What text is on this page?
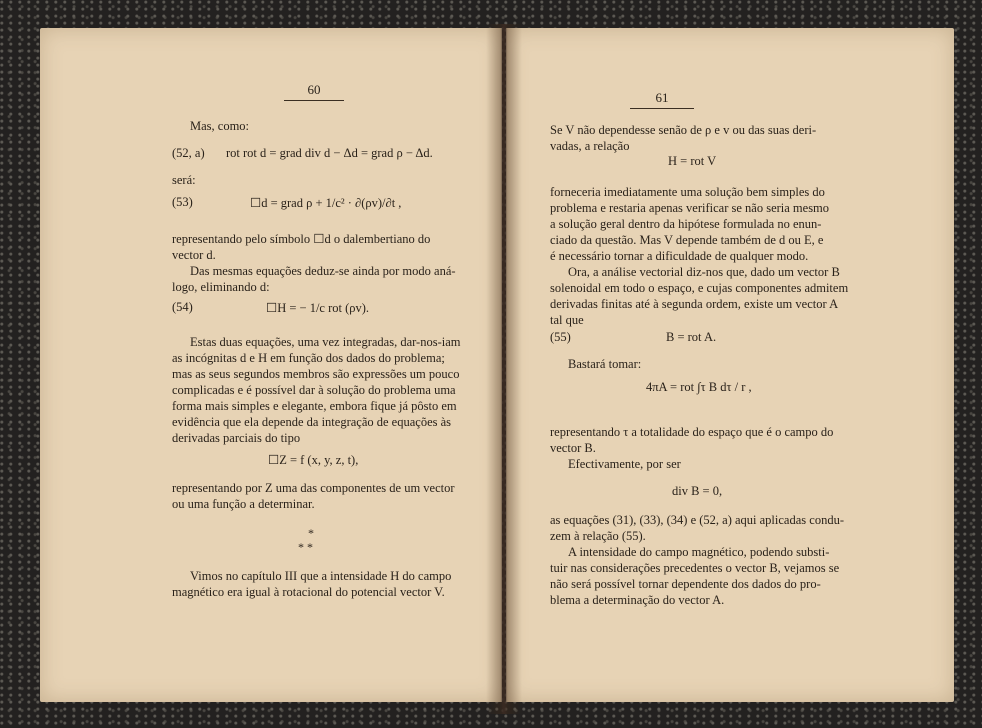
60
Mas, como:
(52, a) rot rot d = grad div d − Δd = grad ρ − Δd.
será:
(53)	☐d = grad ρ + 1/c² · ∂(ρv)/∂t ,
representando pelo símbolo ☐d o dalembertiano do
vector d.
Das mesmas equações deduz-se ainda por modo aná-
logo, eliminando d:
(54)	☐H = − 1/c rot (ρv).
Estas duas equações, uma vez integradas, dar-nos-iam
as incógnitas d e H em função dos dados do problema;
mas as seus segundos membros são expressões um pouco
complicadas e é possível dar à solução do problema uma
forma mais simples e elegante, embora fique já pôsto em
evidência que ela depende da integração de equações às
derivadas parciais do tipo
☐Z = f (x, y, z, t),
representando por Z uma das componentes de um vector
ou uma função a determinar.
*
* *
Vimos no capítulo III que a intensidade H do campo
magnético era igual à rotacional do potencial vector V.
61
Se V não dependesse senão de ρ e v ou das suas deri-
vadas, a relação
H = rot V
forneceria imediatamente uma solução bem simples do
problema e restaria apenas verificar se não seria mesmo
a solução geral dentro da hipótese formulada no enun-
ciado da questão. Mas V depende também de d ou E, e
é necessário tornar a dificuldade de qualquer modo.
Ora, a análise vectorial diz-nos que, dado um vector B
solenoidal em todo o espaço, e cujas componentes admitem
derivadas finitas até à segunda ordem, existe um vector A
tal que
(55)	B = rot A.
Bastará tomar:
4πA = rot ∫τ B dτ / r ,
representando τ a totalidade do espaço que é o campo do
vector B.
Efectivamente, por ser
div B = 0,
as equações (31), (33), (34) e (52, a) aqui aplicadas condu-
zem à relação (55).
A intensidade do campo magnético, podendo substi-
tuir nas considerações precedentes o vector B, vejamos se
não será possível tornar dependente dos dados do pro-
blema a determinação do vector A.
